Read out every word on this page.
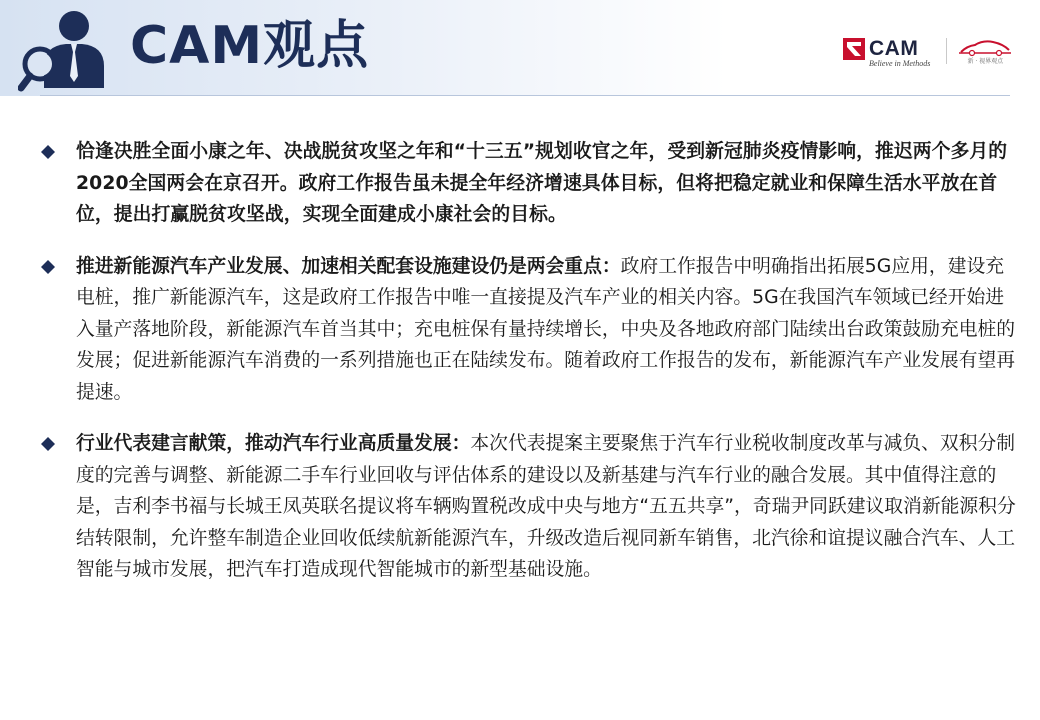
CAM观点	CAM
Believe in Methods	新 · 视界观点

恰逢决胜全面小康之年、决战脱贫攻坚之年和“十三五”规划收官之年，受到新冠肺炎疫情影响，推迟两个多月的2020全国两会在京召开。政府工作报告虽未提全年经济增速具体目标，但将把稳定就业和保障生活水平放在首位，提出打赢脱贫攻坚战，实现全面建成小康社会的目标。

推进新能源汽车产业发展、加速相关配套设施建设仍是两会重点：政府工作报告中明确指出拓展5G应用，建设充电桩，推广新能源汽车，这是政府工作报告中唯一直接提及汽车产业的相关内容。5G在我国汽车领域已经开始进入量产落地阶段，新能源汽车首当其中；充电桩保有量持续增长，中央及各地政府部门陆续出台政策鼓励充电桩的发展；促进新能源汽车消费的一系列措施也正在陆续发布。随着政府工作报告的发布，新能源汽车产业发展有望再提速。

行业代表建言献策，推动汽车行业高质量发展：本次代表提案主要聚焦于汽车行业税收制度改革与减负、双积分制度的完善与调整、新能源二手车行业回收与评估体系的建设以及新基建与汽车行业的融合发展。其中值得注意的是，吉利李书福与长城王凤英联名提议将车辆购置税改成中央与地方“五五共享”，奇瑞尹同跃建议取消新能源积分结转限制，允许整车制造企业回收低续航新能源汽车，升级改造后视同新车销售，北汽徐和谊提议融合汽车、人工智能与城市发展，把汽车打造成现代智能城市的新型基础设施。
